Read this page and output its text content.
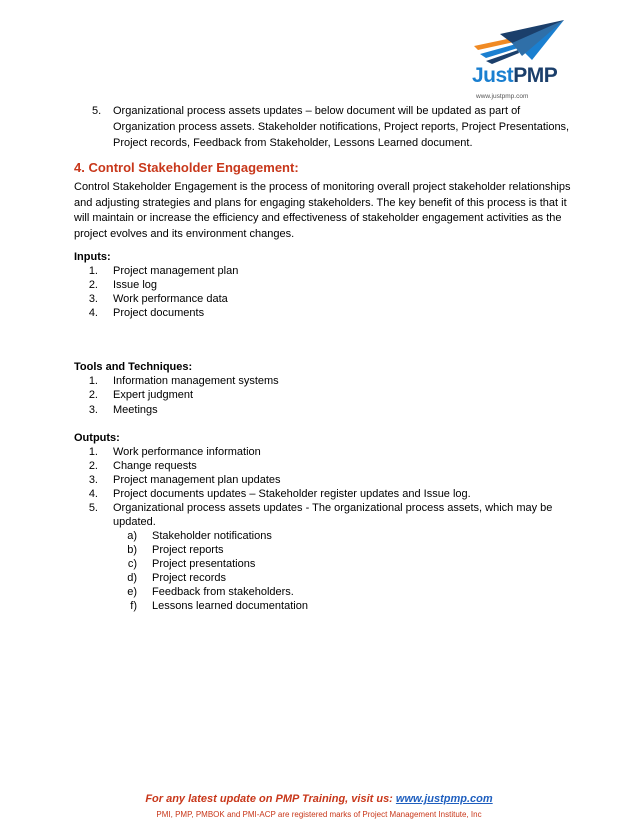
JustPMP
www.justpmp.com
5. Organizational process assets updates – below document will be updated as part of
Organization process assets. Stakeholder notifications, Project reports, Project Presentations,
Project records, Feedback from Stakeholder, Lessons Learned document.
4. Control Stakeholder Engagement:
Control Stakeholder Engagement is the process of monitoring overall project stakeholder relationships
and adjusting strategies and plans for engaging stakeholders. The key benefit of this process is that it
will maintain or increase the efficiency and effectiveness of stakeholder engagement activities as the
project evolves and its environment changes.
Inputs:
1. Project management plan
2. Issue log
3. Work performance data
4. Project documents
Tools and Techniques:
1. Information management systems
2. Expert judgment
3. Meetings
Outputs:
1. Work performance information
2. Change requests
3. Project management plan updates
4. Project documents updates – Stakeholder register updates and Issue log.
5. Organizational process assets updates - The organizational process assets, which may be
updated.
a) Stakeholder notifications
b) Project reports
c) Project presentations
d) Project records
e) Feedback from stakeholders.
f) Lessons learned documentation
For any latest update on PMP Training, visit us: www.justpmp.com
PMI, PMP, PMBOK and PMI-ACP are registered marks of Project Management Institute, Inc
